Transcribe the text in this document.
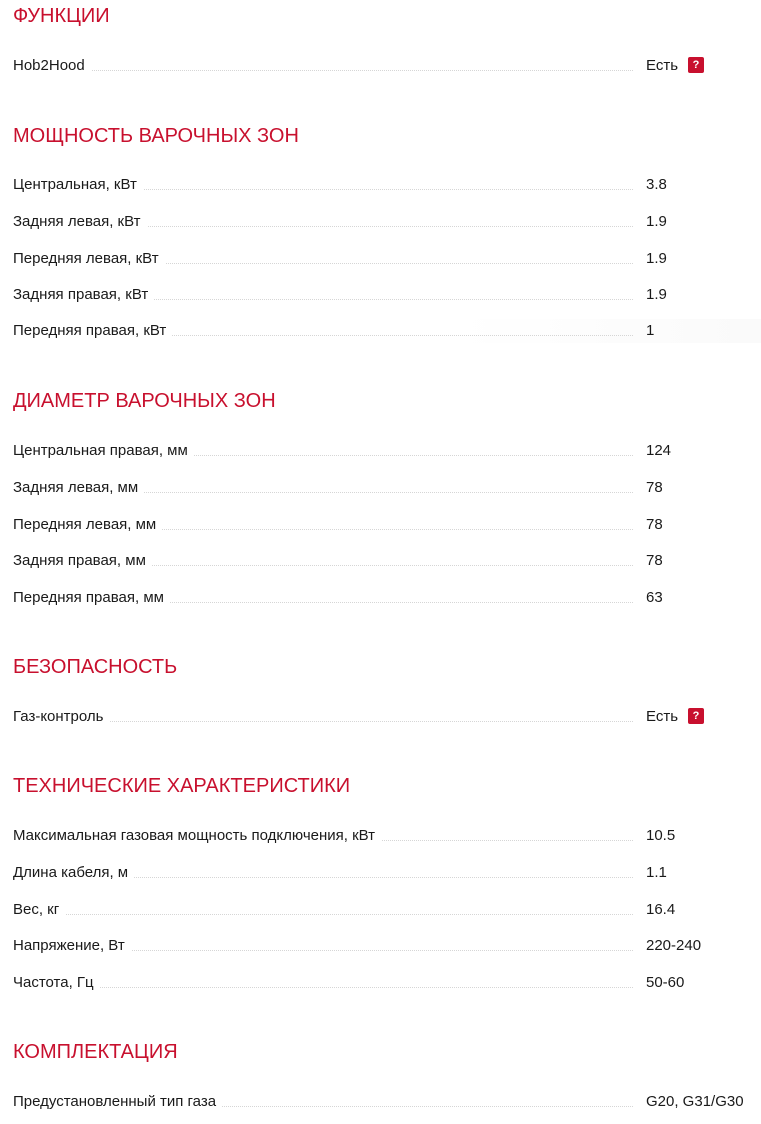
ФУНКЦИИ
Hob2Hood	Есть ?
МОЩНОСТЬ ВАРОЧНЫХ ЗОН
Центральная, кВт	3.8
Задняя левая, кВт	1.9
Передняя левая, кВт	1.9
Задняя правая, кВт	1.9
Передняя правая, кВт	1
ДИАМЕТР ВАРОЧНЫХ ЗОН
Центральная правая, мм	124
Задняя левая, мм	78
Передняя левая, мм	78
Задняя правая, мм	78
Передняя правая, мм	63
БЕЗОПАСНОСТЬ
Газ-контроль	Есть ?
ТЕХНИЧЕСКИЕ ХАРАКТЕРИСТИКИ
Максимальная газовая мощность подключения, кВт	10.5
Длина кабеля, м	1.1
Вес, кг	16.4
Напряжение, Вт	220-240
Частота, Гц	50-60
КОМПЛЕКТАЦИЯ
Предустановленный тип газа	G20, G31/G30
